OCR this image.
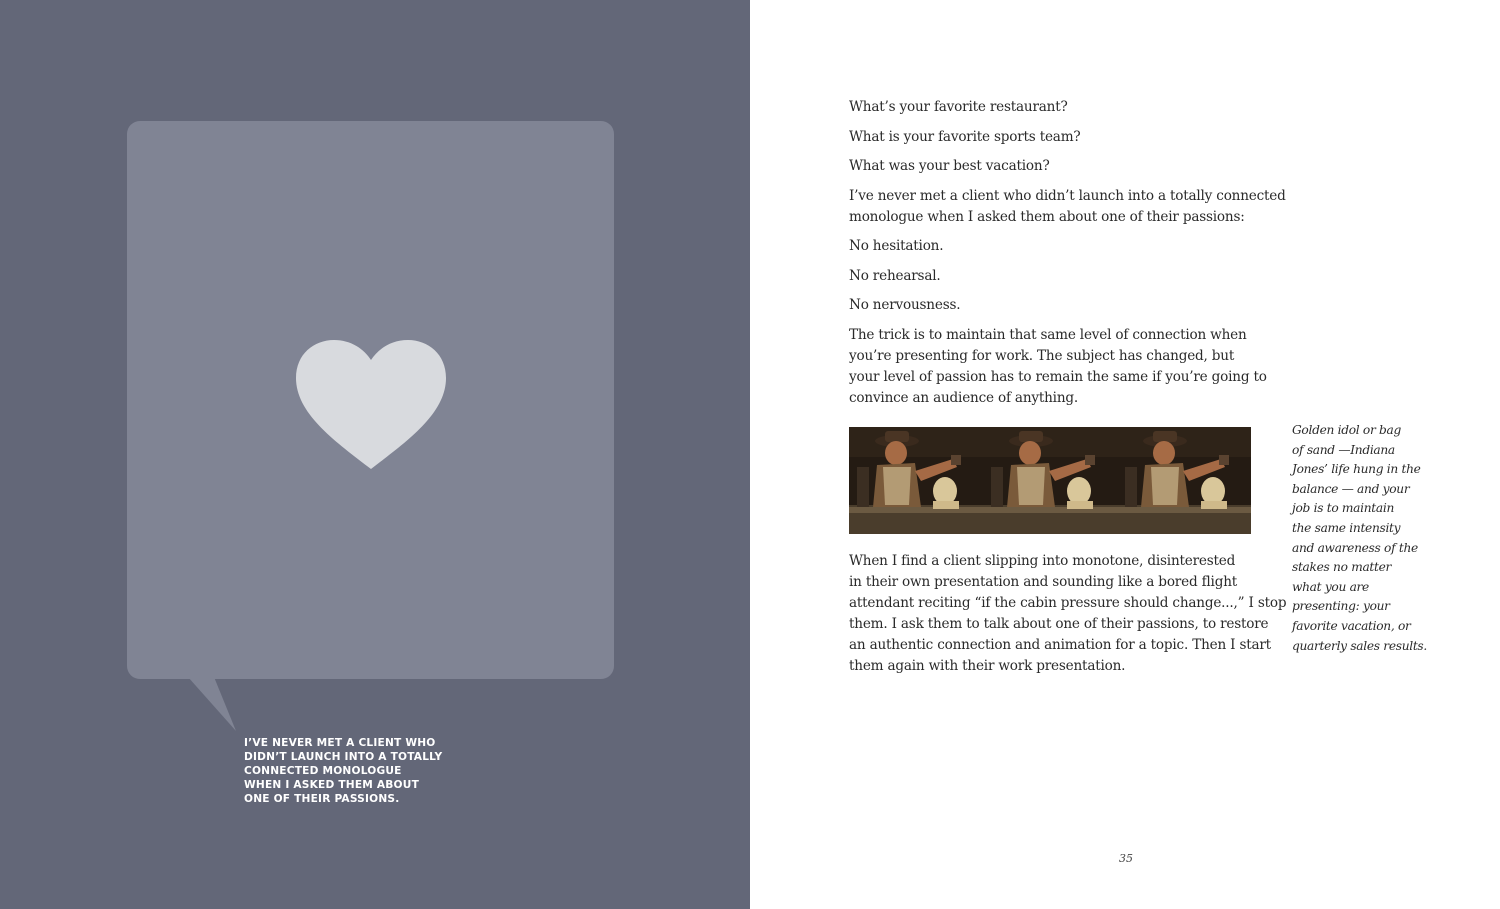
I’VE NEVER MET A CLIENT WHO
DIDN’T LAUNCH INTO A TOTALLY
CONNECTED MONOLOGUE
WHEN I ASKED THEM ABOUT
ONE OF THEIR PASSIONS.

What’s your favorite restaurant?

What is your favorite sports team?

What was your best vacation?

I’ve never met a client who didn’t launch into a totally connected
monologue when I asked them about one of their passions:

No hesitation.

No rehearsal.

No nervousness.

The trick is to maintain that same level of connection when
you’re presenting for work. The subject has changed, but
your level of passion has to remain the same if you’re going to
convince an audience of anything.

Golden idol or bag
of sand —Indiana
Jones’ life hung in the
balance — and your
job is to maintain
the same intensity
and awareness of the
stakes no matter
what you are
presenting: your
favorite vacation, or
quarterly sales results.
When I find a client slipping into monotone, disinterested
in their own presentation and sounding like a bored flight
attendant reciting “if the cabin pressure should change...,” I stop
them. I ask them to talk about one of their passions, to restore
an authentic connection and animation for a topic. Then I start
them again with their work presentation.
35
